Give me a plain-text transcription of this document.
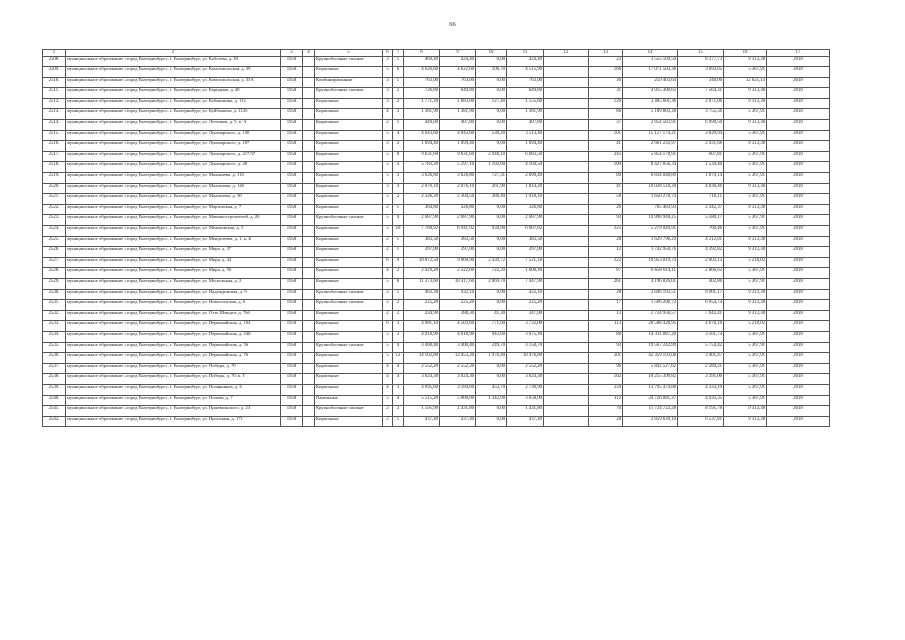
66
1	2	3	4	5	6	7	8	9	10	11	12	13	14	15	16	17
2508.	муниципальное образование «город Екатеринбург», г. Екатеринбург, ул. Кобозева, д. 83	1958		Крупноблочные силикат	3	1	469,40	424,40	0,00	424,40		23	3 555 569,50	8 377,73	9 313,38	2018
2509.	муниципальное образование «город Екатеринбург», г. Екатеринбург, ул. Комсомольская, д. 59	1958		Кирпичные	5	6	4 626,60	4 622,60	106,70	4 515,90		166	17 071 503,30	3 693,05	5 367,91	2018
2510.	муниципальное образование «город Екатеринбург», г. Екатеринбург, ул. Комсомольская, д. 55А	1958		Комбинированные	3	1	763,00	763,00	0,00	763,00		36	259 463,64	340,06	12 625,13	2018
2511.	муниципальное образование «город Екатеринбург», г. Екатеринбург, ул. Коридина, д. 48	1958		Крупноблочные силикат	3	2	726,80	649,80	0,00	649,80		31	4 915 300,63	7 564,31	9 313,38	2018
2512.	муниципальное образование «город Екатеринбург», г. Екатеринбург, ул. Кобыкшина, д. 112	1958		Кирпичные	3	2	1 771,20	1 683,00	127,40	1 555,60		126	3 485 601,36	2 071,06	9 313,38	2018
2513.	муниципальное образование «город Екатеринбург», г. Екатеринбург, ул. Куйбышева, д. 112б	1958		Кирпичные	4	3	1 381,90	1 381,90	0,00	1 381,90		86	5 189 803,38	3 755,56	5 367,91	2018
2514.	муниципальное образование «город Екатеринбург», г. Екатеринбург, ул. Летчиков, д. 5, к. А	1958		Кирпичные	2	1	449,00	407,80	0,00	407,80		37	2 854 583,91	6 999,50	9 313,38	2018
2515.	муниципальное образование «город Екатеринбург», г. Екатеринбург, ул. Луначарского, д. 130	1958		Кирпичные	5	4	4 043,60	4 043,60	530,20	3 513,40		101	15 127 174,21	3 829,94	5 367,91	2018
2516.	муниципальное образование «город Екатеринбург», г. Екатеринбург, ул. Луначарского, д. 187	1958		Кирпичные	3	2	1 094,40	1 094,40	0,00	1 094,40		41	2 661 233,97	2 431,68	9 313,38	2018
2517.	муниципальное образование «город Екатеринбург», г. Екатеринбург, ул. Луначарского, д. 217/37	1958		Кирпичные	5	8	9 631,60	9 631,60	2 948,10	6 683,50		245	5 854 178,91	607,81	5 367,91	2018
2518.	муниципальное образование «город Екатеринбург», г. Екатеринбург, ул. Луначарского, д. 48	1958		Кирпичные	5	4	5 783,20	5 297,10	1 192,60	4 104,50		109	8 427 856,34	1 534,40	5 367,91	2018
2519.	муниципальное образование «город Екатеринбург», г. Екатеринбург, ул. Малышева, д. 116	1958		Кирпичные	5	3	3 626,80	3 626,80	727,31	2 899,49		89	6 834 048,89	1 879,14	5 367,91	2018
2520.	муниципальное образование «город Екатеринбург», г. Екатеринбург, ул. Малышева, д. 146	1958		Кирпичные	3	4	2 076,10	2 076,10	261,90	1 814,20		41	10 028 518,20	4 830,46	9 313,38	2018
2521.	муниципальное образование «город Екатеринбург», г. Екатеринбург, ул. Малышева, д. 30	1958		Кирпичные	5	2	2 326,20	2 304,50	386,40	1 918,10		58	1 650 278,74	716,11	5 367,91	2018
2522.	муниципальное образование «город Екатеринбург», г. Екатеринбург, ул. Мартовская, д. 7	1958		Кирпичные	2	1	364,80	326,80	0,00	326,80		26	765 483,93	2 342,37	9 313,38	2018
2523.	муниципальное образование «город Екатеринбург», г. Екатеринбург, ул. Машиностроителей, д. 20	1958		Крупноблочные силикат	5	4	2 687,90	2 687,90	0,00	2 687,90		93	14 998 948,25	5 580,17	5 367,91	2018
2524.	муниципальное образование «город Екатеринбург», г. Екатеринбург, ул. Мельковская, д. 5	1958		Кирпичные	5	10	7 768,92	6 941,92	934,90	6 007,02		225	5 279 049,91	760,46	5 367,91	2018
2525.	муниципальное образование «город Екатеринбург», г. Екатеринбург, ул. Менделеева, д. 1, к. Б	1958		Кирпичные	2	1	383,50	383,50	0,00	383,50		28	1 629 796,29	4 212,01	9 313,38	2018
2526.	муниципальное образование «город Екатеринбург», г. Екатеринбург, ул. Мира, д. 37	1958		Кирпичные	2	1	397,00	397,00	0,00	397,00		12	1 742 950,76	4 392,82	9 313,38	2018
2527.	муниципальное образование «город Екатеринбург», г. Екатеринбург, ул. Мира, д. 42	1958		Кирпичные	6	9	10 872,50	9 960,90	2 439,72	7 521,18		222	19 953 019,74	2 003,13	5 218,02	2018
2528.	муниципальное образование «город Екатеринбург», г. Екатеринбург, ул. Мира, д. 50	1958		Кирпичные	4	2	2 429,20	2 322,60	722,20	1 600,40		87	6 658 014,11	2 866,62	5 367,91	2018
2529.	муниципальное образование «город Екатеринбург», г. Екатеринбург, ул. Московская, д. 2	1958		Кирпичные	5	8	11 373,60	10 417,60	2 969,70	7 447,90		261	4 196 826,01	402,86	5 367,91	2018
2530.	муниципальное образование «город Екатеринбург», г. Екатеринбург, ул. Надеждинская, д. 9	1958		Крупноблочные силикат	3	1	483,30	432,10	0,00	432,10		28	3 846 193,51	8 901,17	9 313,38	2018
2531.	муниципальное образование «город Екатеринбург», г. Екатеринбург, ул. Новосельская, д. 6	1958		Крупноблочные силикат	2	2	225,20	225,20	0,00	225,20		17	1 566 206,73	6 954,74	9 313,38	2018
2532.	муниципальное образование «город Екатеринбург», г. Екатеринбург, ул. Отто Шмидта, д. 76б	1958		Кирпичные	2	2	434,90	388,30	41,30	347,00		13	2 734 956,57	7 043,41	9 313,38	2018
2533.	муниципальное образование «город Екатеринбург», г. Екатеринбург, ул. Первомайская, д. 104	1958		Кирпичные	6	3	4 981,10	4 503,60	771,60	3 732,00		113	20 588 428,95	4 670,16	5 218,02	2018
2534.	муниципальное образование «город Екатеринбург», г. Екатеринбург, ул. Первомайская, д. 24Б	1958		Кирпичные	5	3	4 018,90	4 018,90	943,60	3 075,40		88	14 311 087,20	3 561,74	5 367,91	2018
2535.	муниципальное образование «город Екатеринбург», г. Екатеринбург, ул. Первомайская, д. 56	1958		Крупноблочные силикат	5	4	3 400,40	3 400,40	249,70	3 150,70		93	19 567 242,89	5 754,42	5 367,91	2018
2536.	муниципальное образование «город Екатеринбург», г. Екатеринбург, ул. Первомайская, д. 76	1958		Кирпичные	5	12	14 102,80	12 453,20	1 976,40	10 476,80		201	42 359 193,06	3 401,47	5 367,91	2018
2537.	муниципальное образование «город Екатеринбург», г. Екатеринбург, ул. Победы, д. 70	1958		Кирпичные	4	4	2 552,20	2 552,20	0,00	2 552,20		96	5 842 527,62	2 289,21	5 367,91	2018
2538.	муниципальное образование «город Екатеринбург», г. Екатеринбург, ул. Победы, д. 70, к. Г	1958		Кирпичные	4	4	3 024,30	3 024,30	0,00	3 024,30		102	10 255 399,82	3 391,00	5 367,91	2018
2539.	муниципальное образование «город Екатеринбург», г. Екатеринбург, ул. Полярников, д. 6	1958		Кирпичные	4	3	4 095,60	3 184,60	453,70	2 730,90		250	13 795 474,88	4 333,19	5 367,91	2018
2540.	муниципальное образование «город Екатеринбург», г. Екатеринбург, ул. Попова, д. 7	1958		Панельные	5	4	5 515,20	5 000,00	1 342,00	3 658,00		112	24 726 081,37	4 933,35	5 367,91	2018
2541.	муниципальное образование «город Екатеринбург», г. Екатеринбург, ул. Пржевальского, д. 23	1958		Крупноблочные силикат	2	3	1 595,90	1 431,80	0,00	1 431,80		70	11 734 722,28	8 195,78	9 313,38	2018
2542.	муниципальное образование «город Екатеринбург», г. Екатеринбург, ул. Прогазная, д. 171	1958		Кирпичные	2	1	437,40	437,40	0,00	437,40		28	2 859 639,10	6 537,81	9 313,38	2018
